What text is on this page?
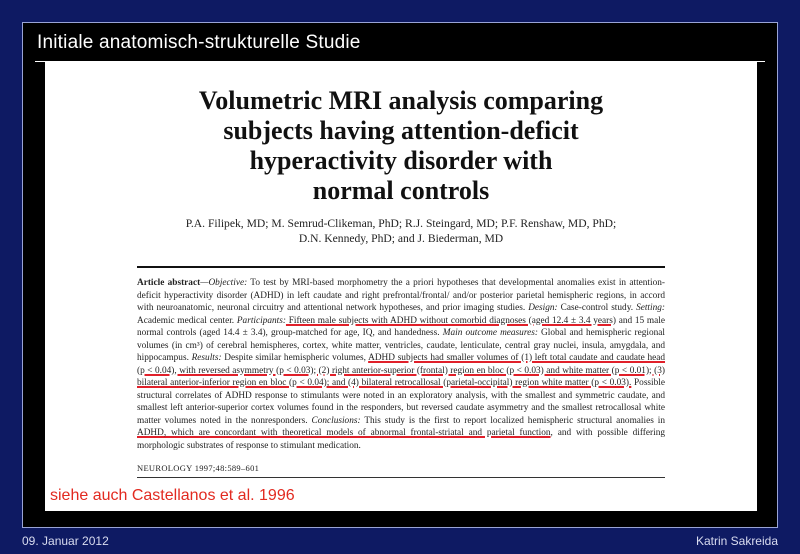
Initiale anatomisch-strukturelle Studie
Volumetric MRI analysis comparing
subjects having attention-deficit
hyperactivity disorder with
normal controls
P.A. Filipek, MD; M. Semrud-Clikeman, PhD; R.J. Steingard, MD; P.F. Renshaw, MD, PhD;
D.N. Kennedy, PhD; and J. Biederman, MD
Article abstract—Objective: To test by MRI-based morphometry the a priori hypotheses that developmental anomalies exist in attention-deficit hyperactivity disorder (ADHD) in left caudate and right prefrontal/frontal/ and/or posterior parietal hemispheric regions, in accord with neuroanatomic, neuronal circuitry and attentional network hypotheses, and prior imaging studies. Design: Case-control study. Setting: Academic medical center. Participants: Fifteen male subjects with ADHD without comorbid diagnoses (aged 12.4 ± 3.4 years) and 15 male normal controls (aged 14.4 ± 3.4), group-matched for age, IQ, and handedness. Main outcome measures: Global and hemispheric regional volumes (in cm³) of cerebral hemispheres, cortex, white matter, ventricles, caudate, lenticulate, central gray nuclei, insula, amygdala, and hippocampus. Results: Despite similar hemispheric volumes, ADHD subjects had smaller volumes of (1) left total caudate and caudate head (p < 0.04), with reversed asymmetry (p < 0.03); (2) right anterior-superior (frontal) region en bloc (p < 0.03) and white matter (p < 0.01); (3) bilateral anterior-inferior region en bloc (p < 0.04); and (4) bilateral retrocallosal (parietal-occipital) region white matter (p < 0.03). Possible structural correlates of ADHD response to stimulants were noted in an exploratory analysis, with the smallest and symmetric caudate, and smallest left anterior-superior cortex volumes found in the responders, but reversed caudate asymmetry and the smallest retrocallosal white matter volumes noted in the nonresponders. Conclusions: This study is the first to report localized hemispheric structural anomalies in ADHD, which are concordant with theoretical models of abnormal frontal-striatal and parietal function, and with possible differing morphologic substrates of response to stimulant medication.
NEUROLOGY 1997;48:589–601
siehe auch Castellanos et al. 1996
09. Januar 2012	Katrin Sakreida
